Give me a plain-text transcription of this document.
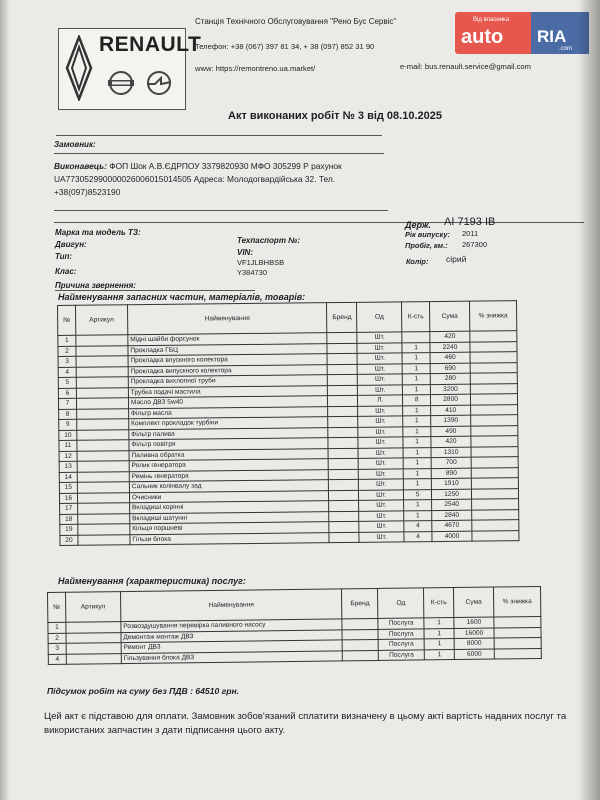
RENAULT
Станція Технічного Обслуговування "Рено Бус Сервіс"
Телефон: +38 (067) 397 81 34, + 38 (097) 852 31 90
www: https://remontreno.ua.market/	e-mail: bus.renault.service@gmail.com
Від власника
auto RIA
.com
Акт виконаних робіт № 3 від 08.10.2025
Замовник:
Виконавець: ФОП Шок А.В.ЄДРПОУ 3379820930 МФО 305299 Р рахунок UA773052990000026006015014505 Адреса: Молодогвардійська 32. Тел. +38(097)8523190
Марка та модель ТЗ:
Двигун:
Тип:
Клас:
Причина звернення:
Техпаспорт №:
VIN:
VF1JLBHBSB
Y384730
Держ. AI 7193 IB
Рік випуску: 2011
Пробіг, км.: 267300
Колір: сірий
Найменування запасних частин, матеріалів, товарів:
№	Артикул	Найменування	Бренд	Од	К-сть	Сума	% знижка
1		Мідні шайби форсунок		Шт.		420	
2		Прокладка ГБЦ		Шт.	1	2240	
3		Прокладка впускного колектора		Шт.	1	460	
4		Прокладка випускного колектора		Шт.	1	690	
5		Прокладка вихлопної труби		Шт.	1	280	
6		Трубка подачі мастила		Шт.	1	3200	
7		Масло ДВЗ 5w40		Л.	8	2800	
8		Фільтр масла		Шт.	1	410	
9		Комплект прокладок турбіни		Шт.	1	1390	
10		Фільтр палива		Шт.	1	490	
11		Фільтр повітря		Шт.	1	420	
12		Паливна обратка		Шт.	1	1310	
13		Ролик генератора		Шт.	1	700	
14		Ремінь генератора		Шт.	1	890	
15		Сальник колінвалу зад		Шт.	1	1910	
16		Очисники		Шт.	5	1250	
17		Вкладиші корінні		Шт.	1	2540	
18		Вкладиші шатунні		Шт.	1	2840	
19		Кільця поршневі		Шт.	4	4670	
20		Гільзи блока		Шт.	4	4000	
Найменування (характеристика) послуг:
№	Артикул	Найменування	Бренд	Од	К-сть	Сума	% знижка
1		Розвоздушування перевірка паливного насосу		Послуга	1	1600	
2		Демонтаж монтаж ДВЗ		Послуга	1	16000	
3		Ремонт ДВЗ		Послуга	1	8000	
4		Гільзування блока ДВЗ		Послуга	1	6000	
Підсумок робіт на суму без ПДВ : 64510 грн.
Цей акт є підставою для оплати. Замовник зобов'язаний сплатити визначену в цьому акті вартість наданих послуг та використаних запчастин з дати підписання цього акту.
